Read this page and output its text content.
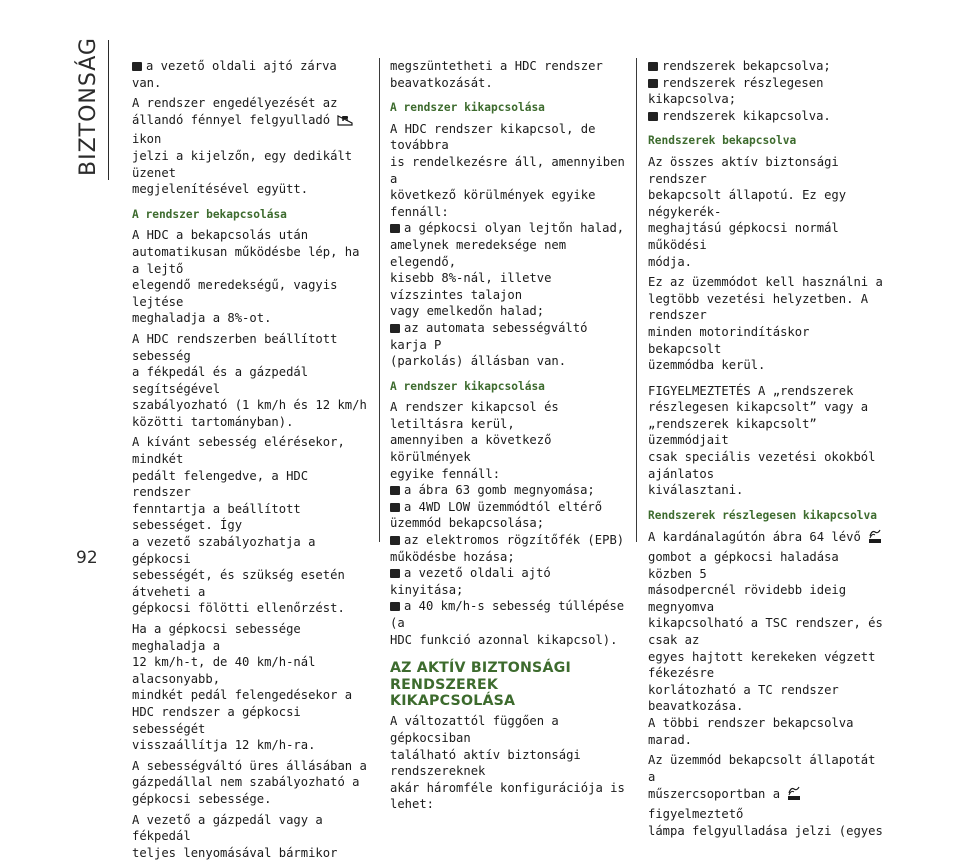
BIZTONSÁG
92
a vezető oldali ajtó zárva van.
A rendszer engedélyezését az
állandó fénnyel felgyulladó  ikon
jelzi a kijelzőn, egy dedikált üzenet
megjelenítésével együtt.
A rendszer bekapcsolása
A HDC a bekapcsolás után
automatikusan működésbe lép, ha a lejtő
elegendő meredekségű, vagyis lejtése
meghaladja a 8%-ot.
A HDC rendszerben beállított sebesség
a fékpedál és a gázpedál segítségével
szabályozható (1 km/h és 12 km/h
közötti tartományban).
A kívánt sebesség elérésekor, mindkét
pedált felengedve, a HDC rendszer
fenntartja a beállított sebességet. Így
a vezető szabályozhatja a gépkocsi
sebességét, és szükség esetén átveheti a
gépkocsi fölötti ellenőrzést.
Ha a gépkocsi sebessége meghaladja a
12 km/h-t, de 40 km/h-nál alacsonyabb,
mindkét pedál felengedésekor a
HDC rendszer a gépkocsi sebességét
visszaállítja 12 km/h-ra.
A sebességváltó üres állásában a
gázpedállal nem szabályozható a
gépkocsi sebessége.
A vezető a gázpedál vagy a fékpedál
teljes lenyomásával bármikor
megszüntetheti a HDC rendszer
beavatkozását.
A rendszer kikapcsolása
A HDC rendszer kikapcsol, de továbbra
is rendelkezésre áll, amennyiben a
következő körülmények egyike fennáll:
a gépkocsi olyan lejtőn halad,
amelynek meredeksége nem elegendő,
kisebb 8%-nál, illetve vízszintes talajon
vagy emelkedőn halad;
az automata sebességváltó karja P
(parkolás) állásban van.
A rendszer kikapcsolása
A rendszer kikapcsol és letiltásra kerül,
amennyiben a következő körülmények
egyike fennáll:
a ábra 63 gomb megnyomása;
a 4WD LOW üzemmódtól eltérő
üzemmód bekapcsolása;
az elektromos rögzítőfék (EPB)
működésbe hozása;
a vezető oldali ajtó kinyitása;
a 40 km/h-s sebesség túllépése (a
HDC funkció azonnal kikapcsol).
AZ AKTÍV BIZTONSÁGI
RENDSZEREK KIKAPCSOLÁSA
A változattól függően a gépkocsiban
található aktív biztonsági rendszereknek
akár háromféle konfigurációja is lehet:
rendszerek bekapcsolva;
rendszerek részlegesen kikapcsolva;
rendszerek kikapcsolva.
Rendszerek bekapcsolva
Az összes aktív biztonsági rendszer
bekapcsolt állapotú. Ez egy négykerék-
meghajtású gépkocsi normál működési
módja.
Ez az üzemmódot kell használni a
legtöbb vezetési helyzetben. A rendszer
minden motorindításkor bekapcsolt
üzemmódba kerül.
FIGYELMEZTETÉS A „rendszerek
részlegesen kikapcsolt” vagy a
„rendszerek kikapcsolt” üzemmódjait
csak speciális vezetési okokból ajánlatos
kiválasztani.
Rendszerek részlegesen kikapcsolva
A kardánalagútón ábra 64 lévő
gombot a gépkocsi haladása közben 5
másodpercnél rövidebb ideig megnyomva
kikapcsolható a TSC rendszer, és csak az
egyes hajtott kerekeken végzett fékezésre
korlátozható a TC rendszer beavatkozása.
A többi rendszer bekapcsolva marad.
Az üzemmód bekapcsolt állapotát a
műszercsoportban a  figyelmeztető
lámpa felgyulladása jelzi (egyes
